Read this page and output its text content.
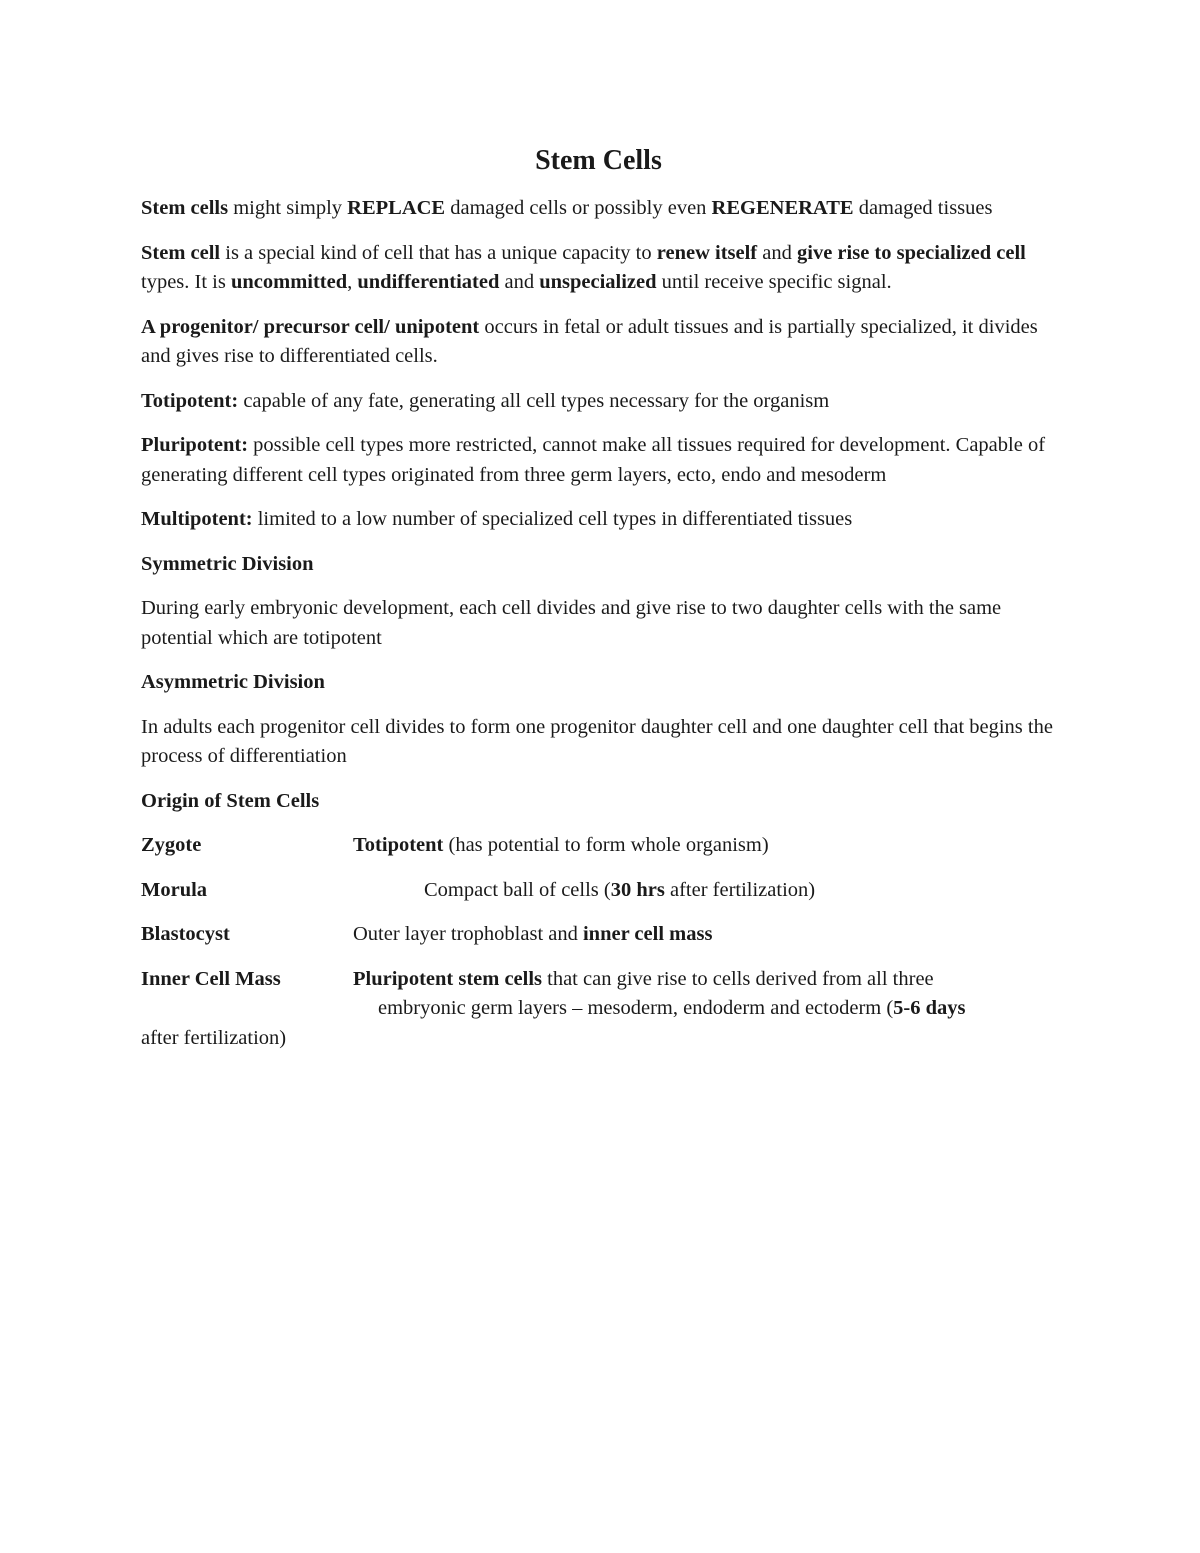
Stem Cells

Stem cells might simply REPLACE damaged cells or possibly even REGENERATE damaged tissues

Stem cell is a special kind of cell that has a unique capacity to renew itself and give rise to specialized cell types. It is uncommitted, undifferentiated and unspecialized until receive specific signal.

A progenitor/ precursor cell/ unipotent occurs in fetal or adult tissues and is partially specialized, it divides and gives rise to differentiated cells.

Totipotent: capable of any fate, generating all cell types necessary for the organism

Pluripotent: possible cell types more restricted, cannot make all tissues required for development. Capable of generating different cell types originated from three germ layers, ecto, endo and mesoderm

Multipotent: limited to a low number of specialized cell types in differentiated tissues

Symmetric Division

During early embryonic development, each cell divides and give rise to two daughter cells with the same potential which are totipotent

Asymmetric Division

In adults each progenitor cell divides to form one progenitor daughter cell and one daughter cell that begins the process of differentiation

Origin of Stem Cells

Zygote	Totipotent (has potential to form whole organism)
Morula	Compact ball of cells (30 hrs after fertilization)
Blastocyst	Outer layer trophoblast and inner cell mass
Inner Cell Mass	Pluripotent stem cells that can give rise to cells derived from all three
embryonic germ layers – mesoderm, endoderm and ectoderm (5-6 days
after fertilization)
